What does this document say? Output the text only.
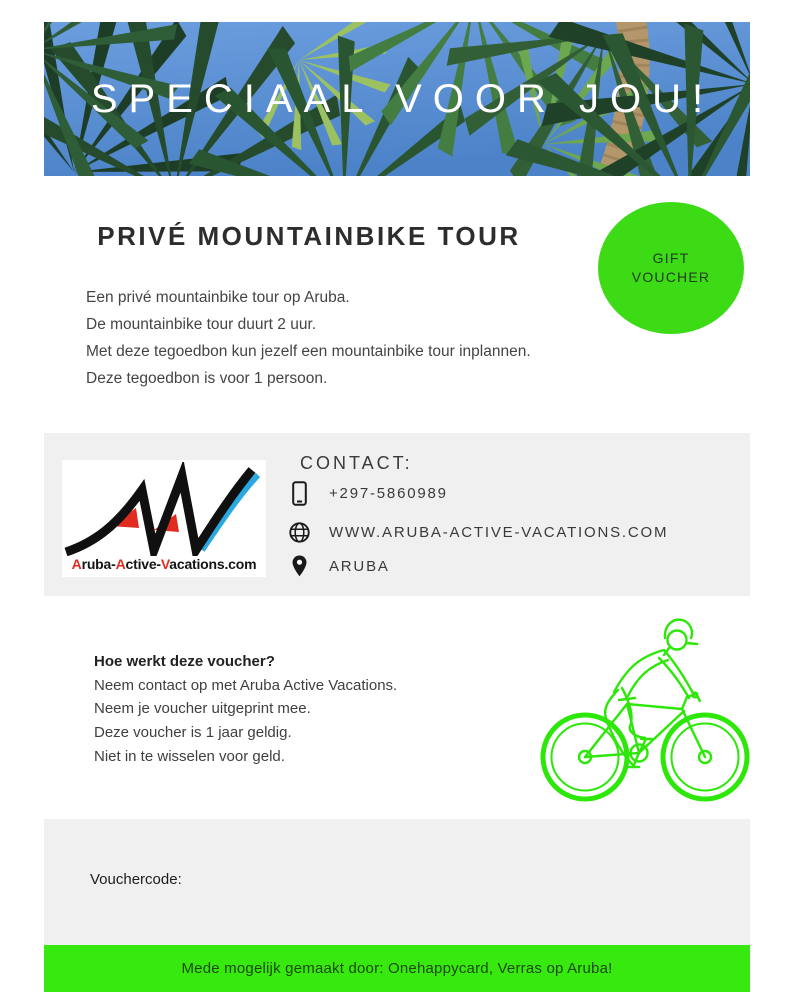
SPECIAAL VOOR JOU!
PRIVÉ MOUNTAINBIKE TOUR
GIFT
VOUCHER

Een privé mountainbike tour op Aruba.

De mountainbike tour duurt 2 uur.

Met deze tegoedbon kun jezelf een mountainbike tour inplannen.

Deze tegoedbon is voor 1 persoon.

Aruba-Active-Vacations.com
CONTACT:
+297-5860989
WWW.ARUBA-ACTIVE-VACATIONS.COM
ARUBA

Hoe werkt deze voucher?

Neem contact op met Aruba Active Vacations.

Neem je voucher uitgeprint mee.

Deze voucher is 1 jaar geldig.

Niet in te wisselen voor geld.

Vouchercode:
Mede mogelijk gemaakt door: Onehappycard, Verras op Aruba!
